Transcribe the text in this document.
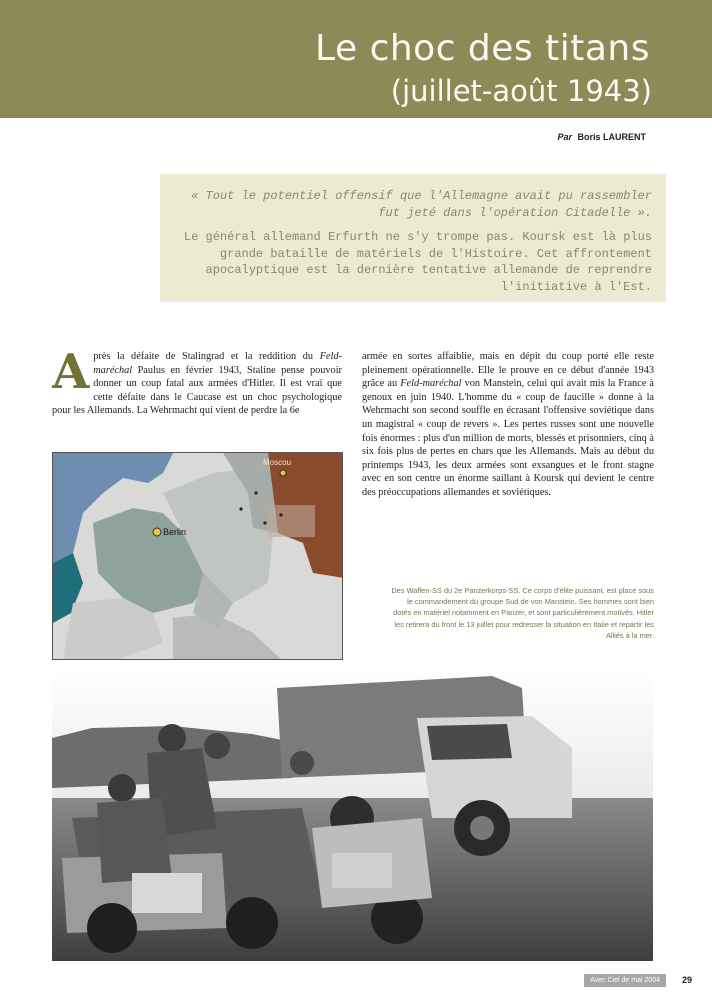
Le choc des titans
(juillet-août 1943)
Par Boris LAURENT

« Tout le potentiel offensif que l'Allemagne avait pu rassembler fut jeté dans l'opération Citadelle ».

Le général allemand Erfurth ne s'y trompe pas. Koursk est là plus grande bataille de matériels de l'Histoire. Cet affrontement apocalyptique est la dernière tentative allemande de reprendre l'initiative à l'Est.

Après la défaite de Stalingrad et la reddition du Feld-maréchal Paulus en février 1943, Staline pense pouvoir donner un coup fatal aux armées d'Hitler. Il est vrai que cette défaite dans le Caucase est un choc psychologique pour les Allemands. La Wehrmacht qui vient de perdre la 6e
armée en sortes affaiblie, mais en dépit du coup porté elle reste pleinement opérationnelle. Elle le prouve en ce début d'année 1943 grâce au Feld-maréchal von Manstein, celui qui avait mis la France à genoux en juin 1940. L'homme du « coup de faucille » donne à la Wehrmacht son second souffle en écrasant l'offensive soviétique dans un magistral « coup de revers ». Les pertes russes sont une nouvelle fois énormes : plus d'un million de morts, blessés et prisonniers, cinq à six fois plus de pertes en chars que les Allemands. Mais au début du printemps 1943, les deux armées sont exsangues et le front stagne avec en son centre un énorme saillant à Koursk qui devient le centre des préoccupations allemandes et soviétiques.
Berlin
Moscou
Des Waffen-SS du 2e Panzerkorps-SS. Ce corps d'élite puissant, est placé sous le commandement du groupe Sud de von Manstein. Ses hommes sont bien dotés en matériel notamment en Panzer, et sont particulièrement motivés. Hitler les retirera du front le 13 juillet pour redresser la situation en Italie et repartir les Alliés à la mer.
Avec Ciel de mai 2004	29
